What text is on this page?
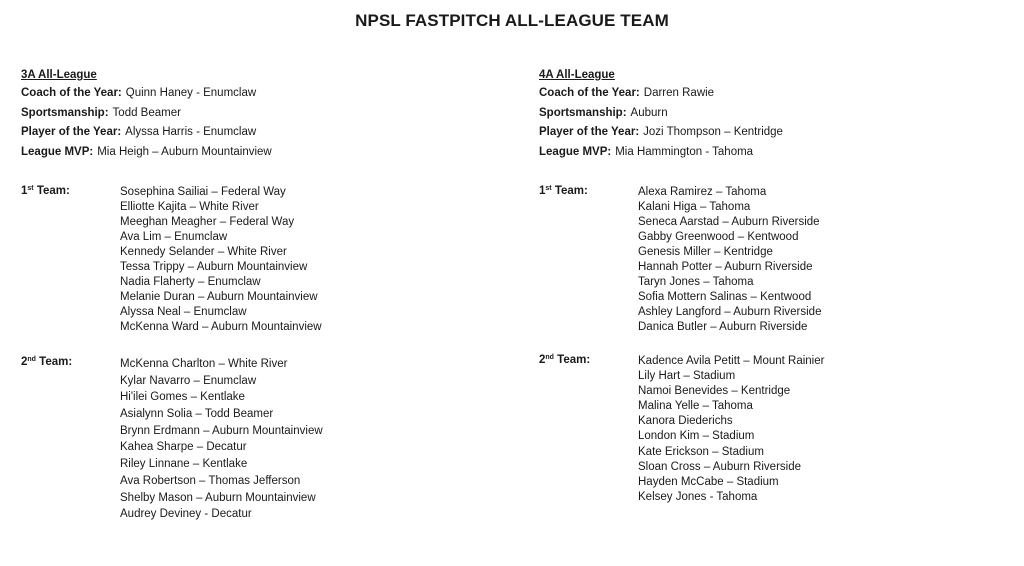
NPSL FASTPITCH ALL-LEAGUE TEAM
3A All-League
Coach of the Year: Quinn Haney - Enumclaw
Sportsmanship: Todd Beamer
Player of the Year: Alyssa Harris - Enumclaw
League MVP: Mia Heigh – Auburn Mountainview
1st Team:	Sosephina Sailiai – Federal Way
Elliotte Kajita – White River
Meeghan Meagher – Federal Way
Ava Lim – Enumclaw
Kennedy Selander – White River
Tessa Trippy – Auburn Mountainview
Nadia Flaherty – Enumclaw
Melanie Duran – Auburn Mountainview
Alyssa Neal – Enumclaw
McKenna Ward – Auburn Mountainview
2nd Team:	McKenna Charlton – White River
Kylar Navarro – Enumclaw
Hi'ilei Gomes – Kentlake
Asialynn Solia – Todd Beamer
Brynn Erdmann – Auburn Mountainview
Kahea Sharpe – Decatur
Riley Linnane – Kentlake
Ava Robertson – Thomas Jefferson
Shelby Mason – Auburn Mountainview
Audrey Deviney - Decatur
4A All-League
Coach of the Year: Darren Rawie
Sportsmanship: Auburn
Player of the Year: Jozi Thompson – Kentridge
League MVP: Mia Hammington - Tahoma
1st Team:	Alexa Ramirez – Tahoma
Kalani Higa – Tahoma
Seneca Aarstad – Auburn Riverside
Gabby Greenwood – Kentwood
Genesis Miller – Kentridge
Hannah Potter – Auburn Riverside
Taryn Jones – Tahoma
Sofia Mottern Salinas – Kentwood
Ashley Langford – Auburn Riverside
Danica Butler – Auburn Riverside
2nd Team:	Kadence Avila Petitt – Mount Rainier
Lily Hart – Stadium
Namoi Benevides – Kentridge
Malina Yelle – Tahoma
Kanora Diederichs
London Kim – Stadium
Kate Erickson – Stadium
Sloan Cross – Auburn Riverside
Hayden McCabe – Stadium
Kelsey Jones - Tahoma
